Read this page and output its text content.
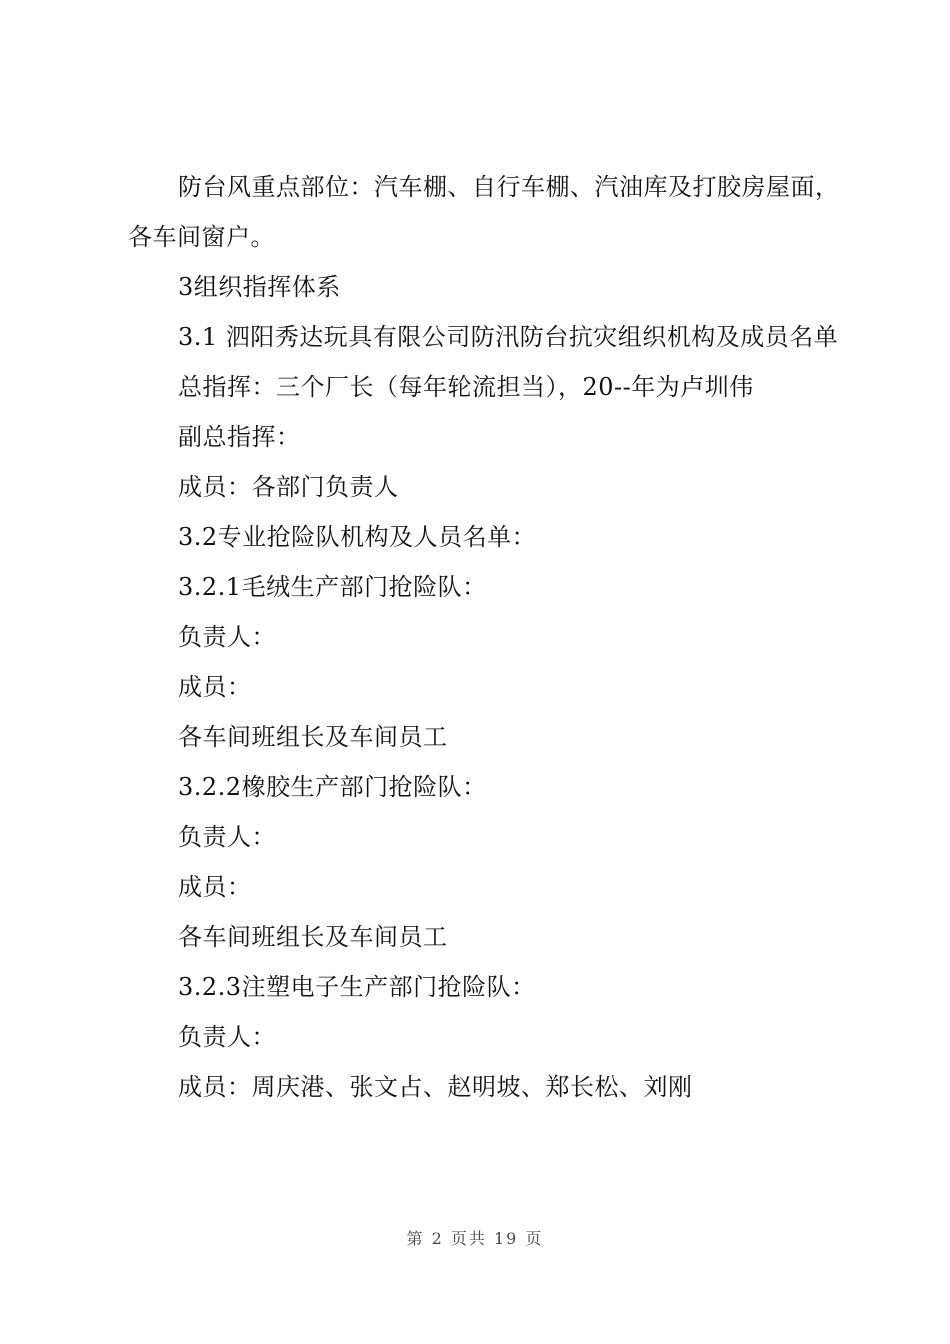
防台风重点部位：汽车棚、自行车棚、汽油库及打胶房屋面，各车间窗户。

3组织指挥体系

3.1 泗阳秀达玩具有限公司防汛防台抗灾组织机构及成员名单

总指挥：三个厂长（每年轮流担当），20--年为卢圳伟

副总指挥：

成员：各部门负责人

3.2专业抢险队机构及人员名单：

3.2.1毛绒生产部门抢险队：

负责人：

成员：

各车间班组长及车间员工

3.2.2橡胶生产部门抢险队：

负责人：

成员：

各车间班组长及车间员工

3.2.3注塑电子生产部门抢险队：

负责人：

成员：周庆港、张文占、赵明坡、郑长松、刘刚

第 2 页共 19 页
